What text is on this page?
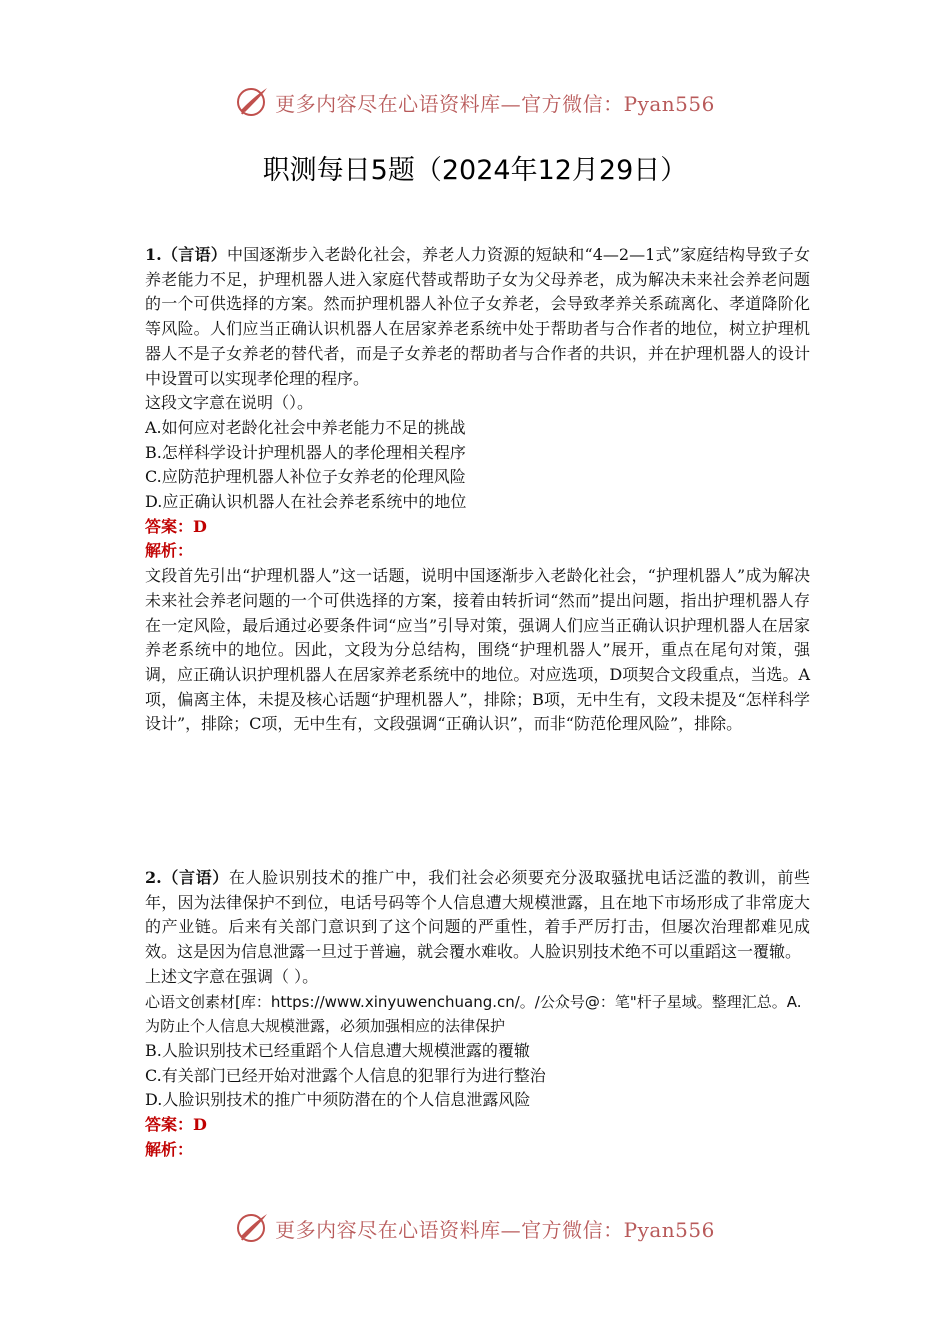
更多内容尽在心语资料库—官方微信：Pyan556
职测每日5题（2024年12月29日）

1.（言语）中国逐渐步入老龄化社会，养老人力资源的短缺和“4—2—1式”家庭结构导致子女养老能力不足，护理机器人进入家庭代替或帮助子女为父母养老，成为解决未来社会养老问题的一个可供选择的方案。然而护理机器人补位子女养老，会导致孝养关系疏离化、孝道降阶化等风险。人们应当正确认识机器人在居家养老系统中处于帮助者与合作者的地位，树立护理机器人不是子女养老的替代者，而是子女养老的帮助者与合作者的共识，并在护理机器人的设计中设置可以实现孝伦理的程序。

这段文字意在说明（）。

A.如何应对老龄化社会中养老能力不足的挑战

B.怎样科学设计护理机器人的孝伦理相关程序

C.应防范护理机器人补位子女养老的伦理风险

D.应正确认识机器人在社会养老系统中的地位

答案：D

解析：

文段首先引出“护理机器人”这一话题，说明中国逐渐步入老龄化社会，“护理机器人”成为解决未来社会养老问题的一个可供选择的方案，接着由转折词“然而”提出问题，指出护理机器人存在一定风险，最后通过必要条件词“应当”引导对策，强调人们应当正确认识护理机器人在居家养老系统中的地位。因此，文段为分总结构，围绕“护理机器人”展开，重点在尾句对策，强调，应正确认识护理机器人在居家养老系统中的地位。对应选项，D项契合文段重点，当选。A项，偏离主体，未提及核心话题“护理机器人”，排除；B项，无中生有，文段未提及“怎样科学设计”，排除；C项，无中生有，文段强调“正确认识”，而非“防范伦理风险”，排除。

2.（言语）在人脸识别技术的推广中，我们社会必须要充分汲取骚扰电话泛滥的教训，前些年，因为法律保护不到位，电话号码等个人信息遭大规模泄露，且在地下市场形成了非常庞大的产业链。后来有关部门意识到了这个问题的严重性，着手严厉打击，但屡次治理都难见成效。这是因为信息泄露一旦过于普遍，就会覆水难收。人脸识别技术绝不可以重蹈这一覆辙。

上述文字意在强调（ ）。

心语文创素材[库：https://www.xinyuwenchuang.cn/。/公众号@：笔"杆子星域。整理汇总。A.为防止个人信息大规模泄露，必须加强相应的法律保护

B.人脸识别技术已经重蹈个人信息遭大规模泄露的覆辙

C.有关部门已经开始对泄露个人信息的犯罪行为进行整治

D.人脸识别技术的推广中须防潜在的个人信息泄露风险

答案：D

解析：

更多内容尽在心语资料库—官方微信：Pyan556
